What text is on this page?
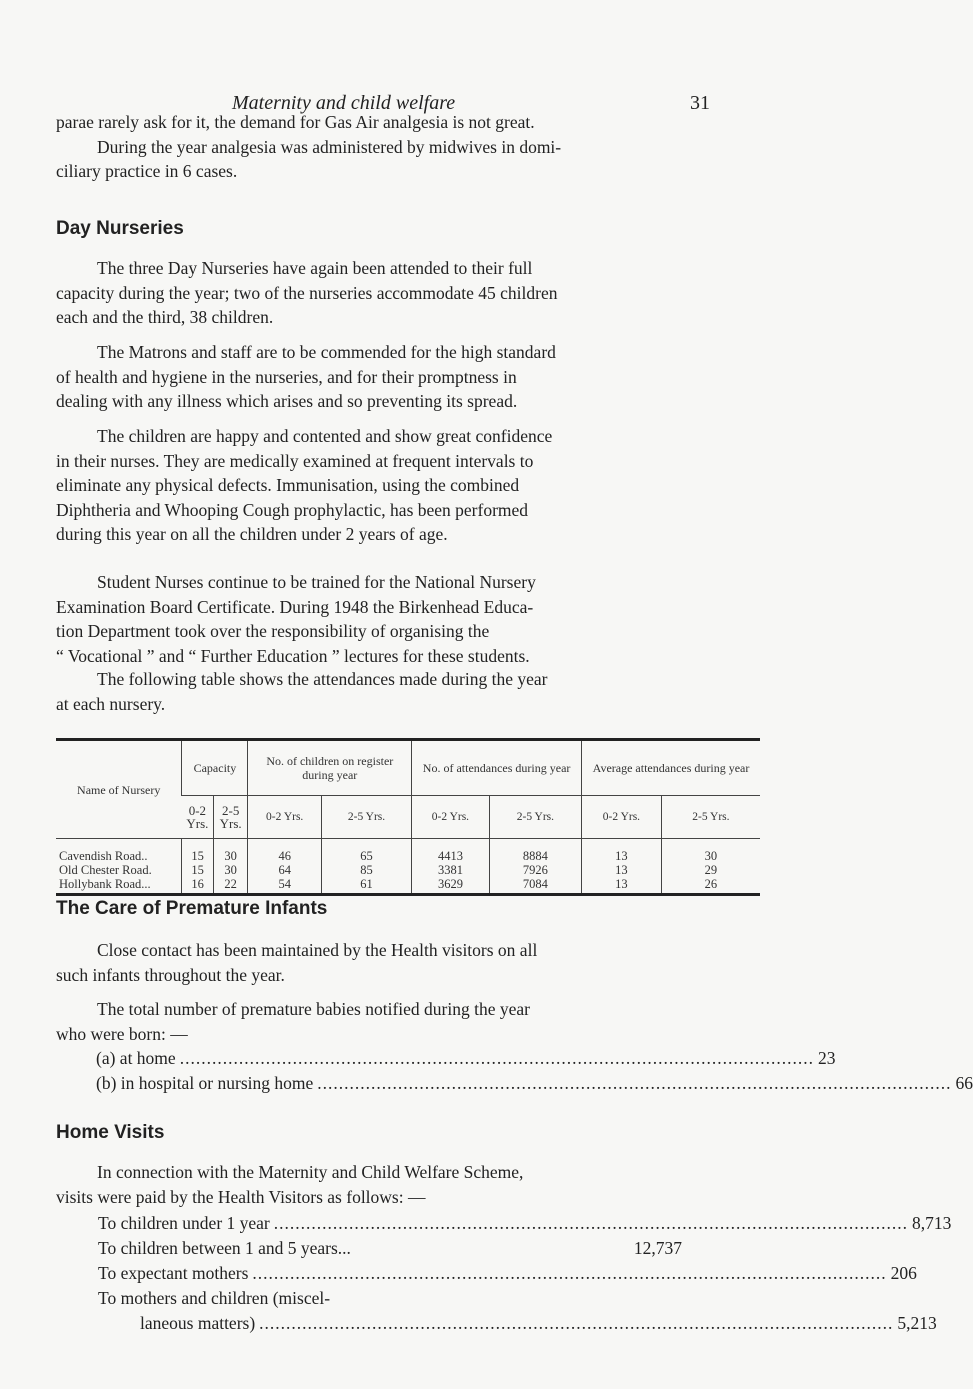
Maternity and child welfare	31

parae rarely ask for it, the demand for Gas Air analgesia is not great.
During the year analgesia was administered by midwives in domi-
ciliary practice in 6 cases.

Day Nurseries

The three Day Nurseries have again been attended to their full
capacity during the year; two of the nurseries accommodate 45 children
each and the third, 38 children.

The Matrons and staff are to be commended for the high standard
of health and hygiene in the nurseries, and for their promptness in
dealing with any illness which arises and so preventing its spread.

The children are happy and contented and show great confidence
in their nurses. They are medically examined at frequent intervals to
eliminate any physical defects. Immunisation, using the combined
Diphtheria and Whooping Cough prophylactic, has been performed
during this year on all the children under 2 years of age.

Student Nurses continue to be trained for the National Nursery
Examination Board Certificate. During 1948 the Birkenhead Educa-
tion Department took over the responsibility of organising the
“ Vocational ” and “ Further Education ” lectures for these students.

The following table shows the attendances made during the year
at each nursery.

Name of Nursery	Capacity		No. of children on register during year		No. of attendances during year		Average attendances during year	
	0-2 Yrs.	2-5 Yrs.	0-2 Yrs.	2-5 Yrs.	0-2 Yrs.	2-5 Yrs.	0-2 Yrs.	2-5 Yrs.
Cavendish Road..	15	30	46	65	4413	8884	13	30
Old Chester Road.	15	30	64	85	3381	7926	13	29
Hollybank Road...	16	22	54	61	3629	7084	13	26
The Care of Premature Infants

Close contact has been maintained by the Health visitors on all
such infants throughout the year.

The total number of premature babies notified during the year
who were born: —

(a) at home ...................................................................................................................... 23
(b) in hospital or nursing home ...................................................................................................................... 66
Home Visits

In connection with the Maternity and Child Welfare Scheme,
visits were paid by the Health Visitors as follows: —

To children under 1 year ...................................................................................................................... 8,713
To children between 1 and 5 years...	12,737
To expectant mothers ...................................................................................................................... 206
To mothers and children (miscel-
laneous matters) ...................................................................................................................... 5,213
